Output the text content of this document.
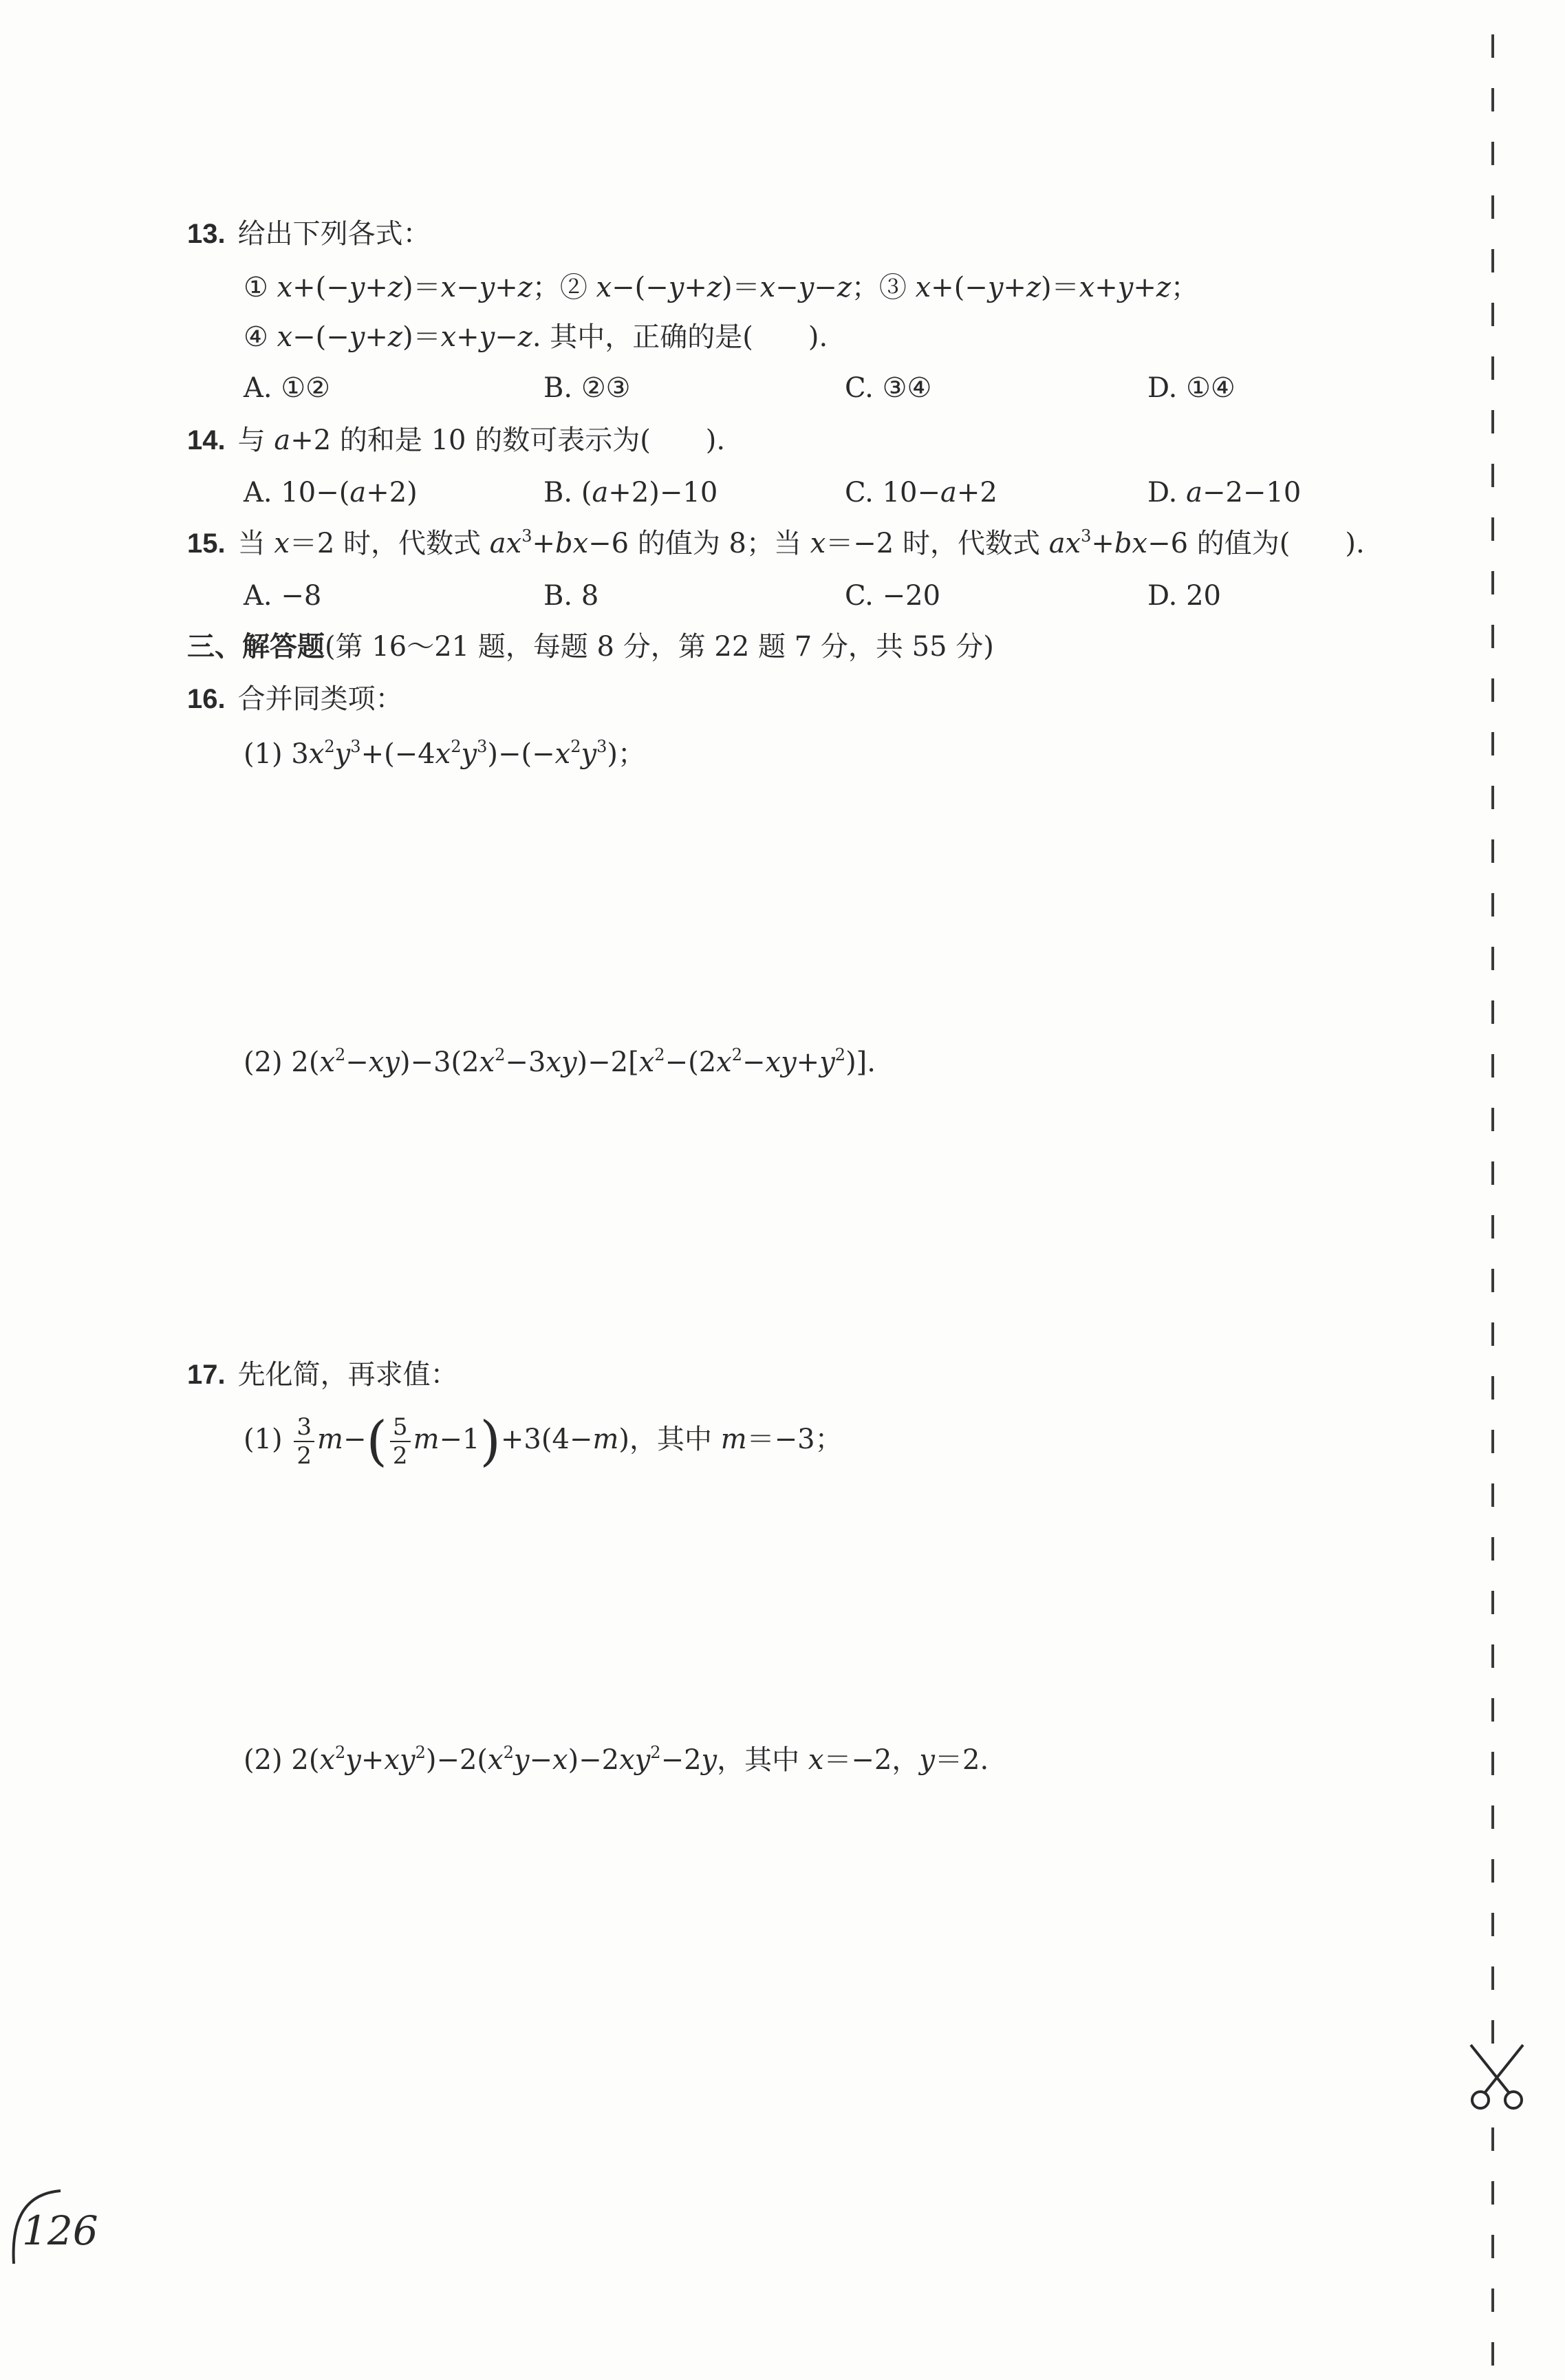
13. 给出下列各式：
① x+(−y+z)＝x−y+z；② x−(−y+z)＝x−y−z；③ x+(−y+z)＝x+y+z；
④ x−(−y+z)＝x+y−z. 其中，正确的是(　　).
A. ①②	B. ②③	C. ③④	D. ①④
14. 与 a+2 的和是 10 的数可表示为(　　).
A. 10−(a+2)	B. (a+2)−10	C. 10−a+2	D. a−2−10
15. 当 x＝2 时，代数式 $ax^3+bx-6$ 的值为 8；当 x＝−2 时，代数式 $ax^3+bx-6$ 的值为(　　).
A. −8	B. 8	C. −20	D. 20
三、解答题(第 16～21 题，每题 8 分，第 22 题 7 分，共 55 分)
16. 合并同类项：
(1) $3x^2y^3+(-4x^2y^3)-(-x^2y^3)$；
(2) $2(x^2-xy)-3(2x^2-3xy)-2[x^2-(2x^2-xy+y^2)]$.
17. 先化简，再求值：
$(1) \frac{3}{2} m-( \frac{5}{2} m-1)+3(4-m)$，其中 m＝−3；
(2) $2(x^2y+xy^2)-2(x^2y-x)-2xy^2-2y$，其中 x＝−2，y＝2.
126
